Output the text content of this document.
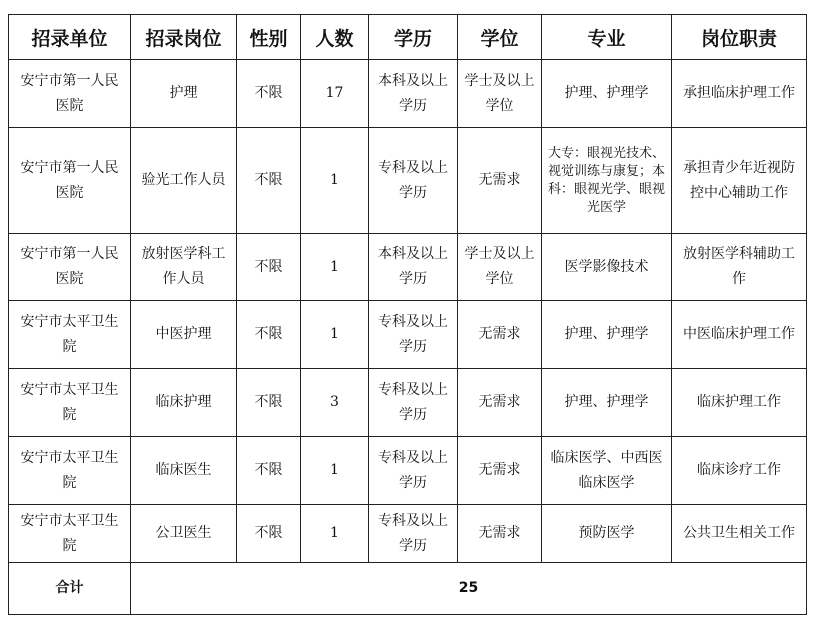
招录单位	招录岗位	性别	人数	学历	学位	专业	岗位职责
安宁市第一人民医院	护理	不限	17	本科及以上学历	学士及以上学位	护理、护理学	承担临床护理工作
安宁市第一人民医院	验光工作人员	不限	1	专科及以上学历	无需求	大专：眼视光技术、视觉训练与康复；本科：眼视光学、眼视光医学	承担青少年近视防控中心辅助工作
安宁市第一人民医院	放射医学科工作人员	不限	1	本科及以上学历	学士及以上学位	医学影像技术	放射医学科辅助工作
安宁市太平卫生院	中医护理	不限	1	专科及以上学历	无需求	护理、护理学	中医临床护理工作
安宁市太平卫生院	临床护理	不限	3	专科及以上学历	无需求	护理、护理学	临床护理工作
安宁市太平卫生院	临床医生	不限	1	专科及以上学历	无需求	临床医学、中西医临床医学	临床诊疗工作
安宁市太平卫生院	公卫医生	不限	1	专科及以上学历	无需求	预防医学	公共卫生相关工作
合计	25						
